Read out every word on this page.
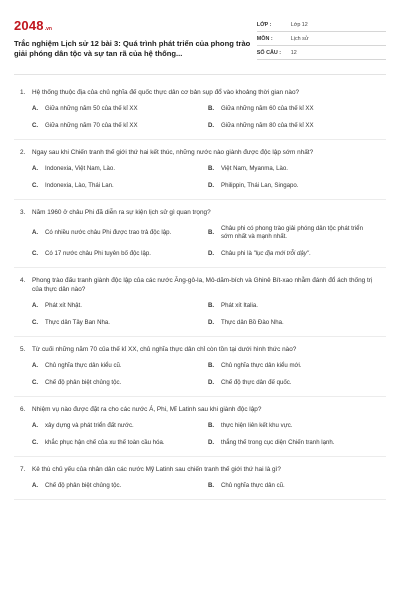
2048 .vn
Trắc nghiệm Lịch sử 12 bài 3: Quá trình phát triển của phong trào giải phóng dân tộc và sự tan rã của hệ thống...
LỚP :	Lớp 12
MÔN :	Lịch sử
SỐ CÂU :	12
1.	Hệ thống thuộc địa của chủ nghĩa đế quốc thực dân cơ bản sụp đổ vào khoảng thời gian nào?
A.	Giữa những năm 50 của thế kỉ XX	B.	Giữa những năm 60 của thế kỉ XX
C.	Giữa những năm 70 của thế kỉ XX	D.	Giữa những năm 80 của thế kỉ XX
2.	Ngay sau khi Chiến tranh thế giới thứ hai kết thúc, những nước nào giành được độc lập sớm nhất?
A.	Indonexia, Việt Nam, Lào.	B.	Việt Nam, Myanma, Lào.
C.	Indonexia, Lào, Thái Lan.	D.	Philippin, Thái Lan, Singapo.
3.	Năm 1960 ở châu Phi đã diễn ra sự kiện lịch sử gì quan trọng?
A.	Có nhiều nước châu Phi được trao trả độc lập.	B.
Châu phi có phong trào giải phóng dân tộc phát triển sớm nhất và mạnh nhất.
C.	Có 17 nước châu Phi tuyên bố độc lập.	D.	Châu phi là "lục địa mới trỗi dậy".
4.	Phong trào đấu tranh giành độc lập của các nước Ăng-gô-la, Mô-dăm-bích và Ghinê Bít-xao nhằm đánh đổ ách thống trị của thực dân nào?
A.	Phát xít Nhật.	B.	Phát xít Italia.
C.	Thực dân Tây Ban Nha.	D.	Thực dân Bồ Đào Nha.
5.	Từ cuối những năm 70 của thế kỉ XX, chủ nghĩa thực dân chỉ còn tồn tại dưới hình thức nào?
A.	Chủ nghĩa thực dân kiểu cũ.	B.	Chủ nghĩa thực dân kiểu mới.
C.	Chế độ phân biệt chủng tộc.	D.	Chế độ thực dân đế quốc.
6.	Nhiệm vụ nào được đặt ra cho các nước Á, Phi, Mĩ Latinh sau khi giành độc lập?
A.	xây dựng và phát triển đất nước.	B.	thực hiện liên kết khu vực.
C.	khắc phục hận chế của xu thế toàn cầu hóa.	D.	thắng thế trong cục diện Chiến tranh lạnh.
7.	Kẻ thù chủ yếu của nhân dân các nước Mỹ Latinh sau chiến tranh thế giới thứ hai là gì?
A.	Chế độ phân biệt chủng tộc.	B.	Chủ nghĩa thực dân cũ.
